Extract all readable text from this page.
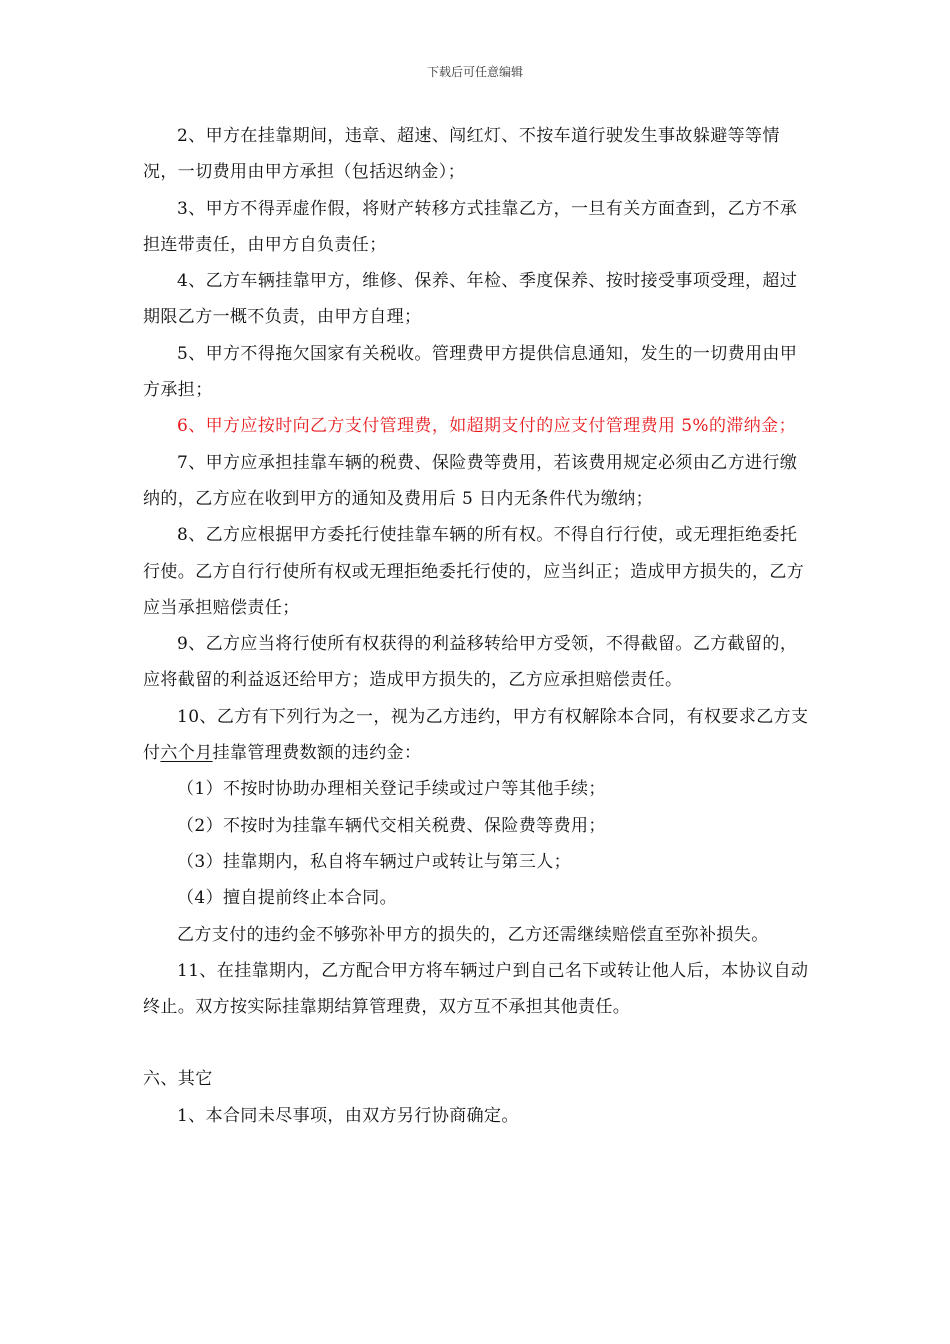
下载后可任意编辑

2、甲方在挂靠期间，违章、超速、闯红灯、不按车道行驶发生事故躲避等等情况，一切费用由甲方承担（包括迟纳金）；

3、甲方不得弄虚作假，将财产转移方式挂靠乙方，一旦有关方面查到，乙方不承担连带责任，由甲方自负责任；

4、乙方车辆挂靠甲方，维修、保养、年检、季度保养、按时接受事项受理，超过期限乙方一概不负责，由甲方自理；

5、甲方不得拖欠国家有关税收。管理费甲方提供信息通知，发生的一切费用由甲方承担；

6、甲方应按时向乙方支付管理费，如超期支付的应支付管理费用 5%的滞纳金；

7、甲方应承担挂靠车辆的税费、保险费等费用，若该费用规定必须由乙方进行缴纳的，乙方应在收到甲方的通知及费用后 5 日内无条件代为缴纳；

8、乙方应根据甲方委托行使挂靠车辆的所有权。不得自行行使，或无理拒绝委托行使。乙方自行行使所有权或无理拒绝委托行使的，应当纠正；造成甲方损失的，乙方应当承担赔偿责任；

9、乙方应当将行使所有权获得的利益移转给甲方受领，不得截留。乙方截留的，应将截留的利益返还给甲方；造成甲方损失的，乙方应承担赔偿责任。

10、乙方有下列行为之一，视为乙方违约，甲方有权解除本合同，有权要求乙方支付六个月挂靠管理费数额的违约金：

（1）不按时协助办理相关登记手续或过户等其他手续；

（2）不按时为挂靠车辆代交相关税费、保险费等费用；

（3）挂靠期内，私自将车辆过户或转让与第三人；

（4）擅自提前终止本合同。

乙方支付的违约金不够弥补甲方的损失的，乙方还需继续赔偿直至弥补损失。

11、在挂靠期内，乙方配合甲方将车辆过户到自己名下或转让他人后，本协议自动终止。双方按实际挂靠期结算管理费，双方互不承担其他责任。

六、其它

1、本合同未尽事项，由双方另行协商确定。
